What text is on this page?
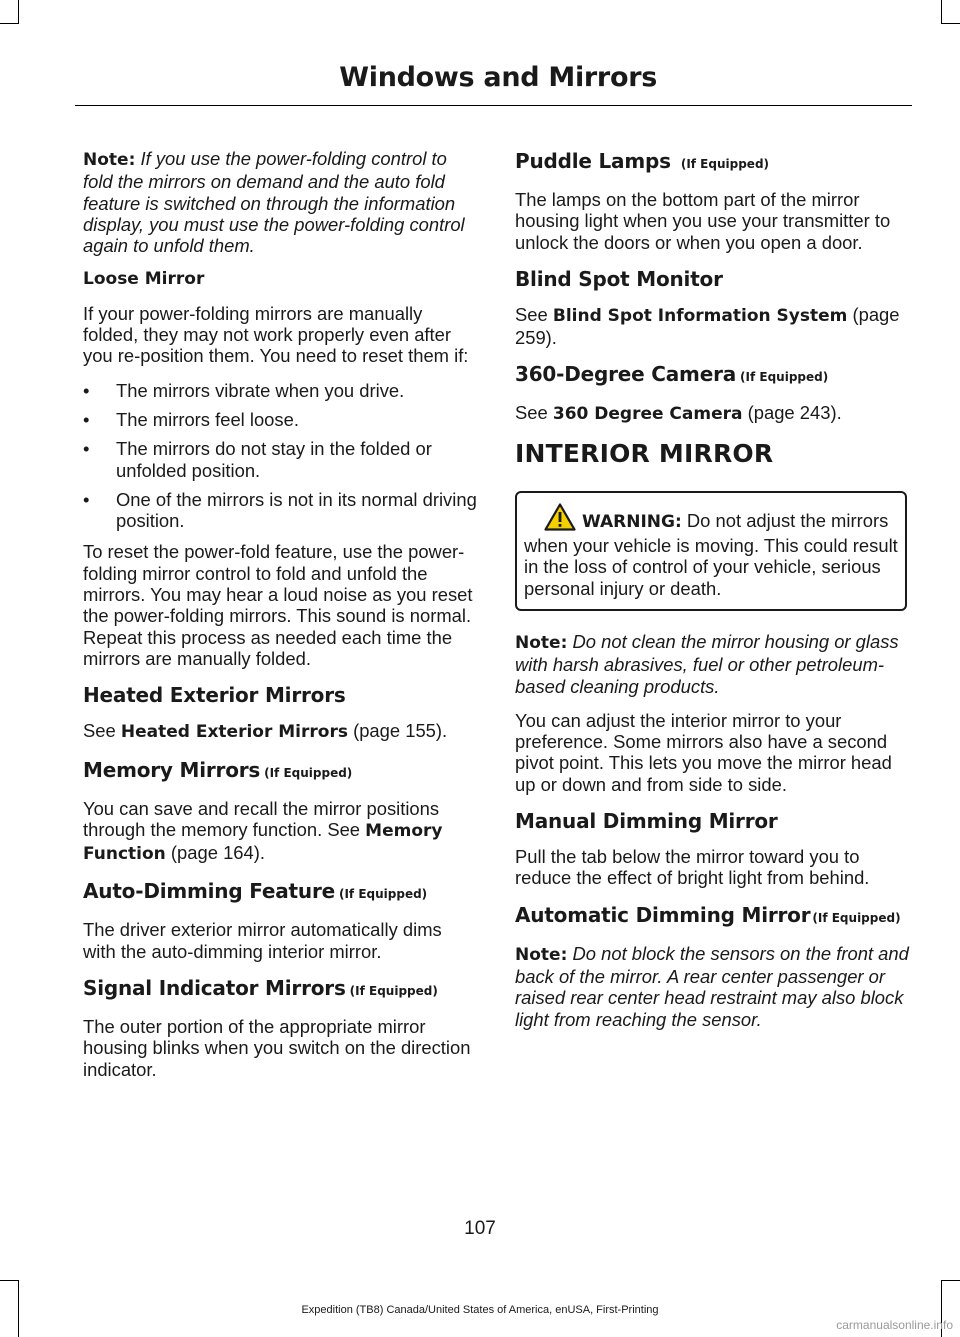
Windows and Mirrors

Note: If you use the power-folding control to fold the mirrors on demand and the auto fold feature is switched on through the information display, you must use the power-folding control again to unfold them.

Loose Mirror

If your power-folding mirrors are manually folded, they may not work properly even after you re-position them. You need to reset them if:

• The mirrors vibrate when you drive.
• The mirrors feel loose.
• The mirrors do not stay in the folded or unfolded position.
• One of the mirrors is not in its normal driving position.

To reset the power-fold feature, use the power-folding mirror control to fold and unfold the mirrors. You may hear a loud noise as you reset the power-folding mirrors. This sound is normal. Repeat this process as needed each time the mirrors are manually folded.

Heated Exterior Mirrors

See Heated Exterior Mirrors (page 155).

Memory Mirrors (If Equipped)

You can save and recall the mirror positions through the memory function. See Memory Function (page 164).

Auto-Dimming Feature (If Equipped)

The driver exterior mirror automatically dims with the auto-dimming interior mirror.

Signal Indicator Mirrors (If Equipped)

The outer portion of the appropriate mirror housing blinks when you switch on the direction indicator.

Puddle Lamps (If Equipped)

The lamps on the bottom part of the mirror housing light when you use your transmitter to unlock the doors or when you open a door.

Blind Spot Monitor

See Blind Spot Information System (page 259).

360-Degree Camera (If Equipped)

See 360 Degree Camera (page 243).

INTERIOR MIRROR
WARNING: Do not adjust the mirrors when your vehicle is moving. This could result in the loss of control of your vehicle, serious personal injury or death.

Note: Do not clean the mirror housing or glass with harsh abrasives, fuel or other petroleum-based cleaning products.

You can adjust the interior mirror to your preference. Some mirrors also have a second pivot point. This lets you move the mirror head up or down and from side to side.

Manual Dimming Mirror

Pull the tab below the mirror toward you to reduce the effect of bright light from behind.

Automatic Dimming Mirror (If Equipped)

Note: Do not block the sensors on the front and back of the mirror. A rear center passenger or raised rear center head restraint may also block light from reaching the sensor.

107
Expedition (TB8) Canada/United States of America, enUSA, First-Printing
carmanualsonline.info
